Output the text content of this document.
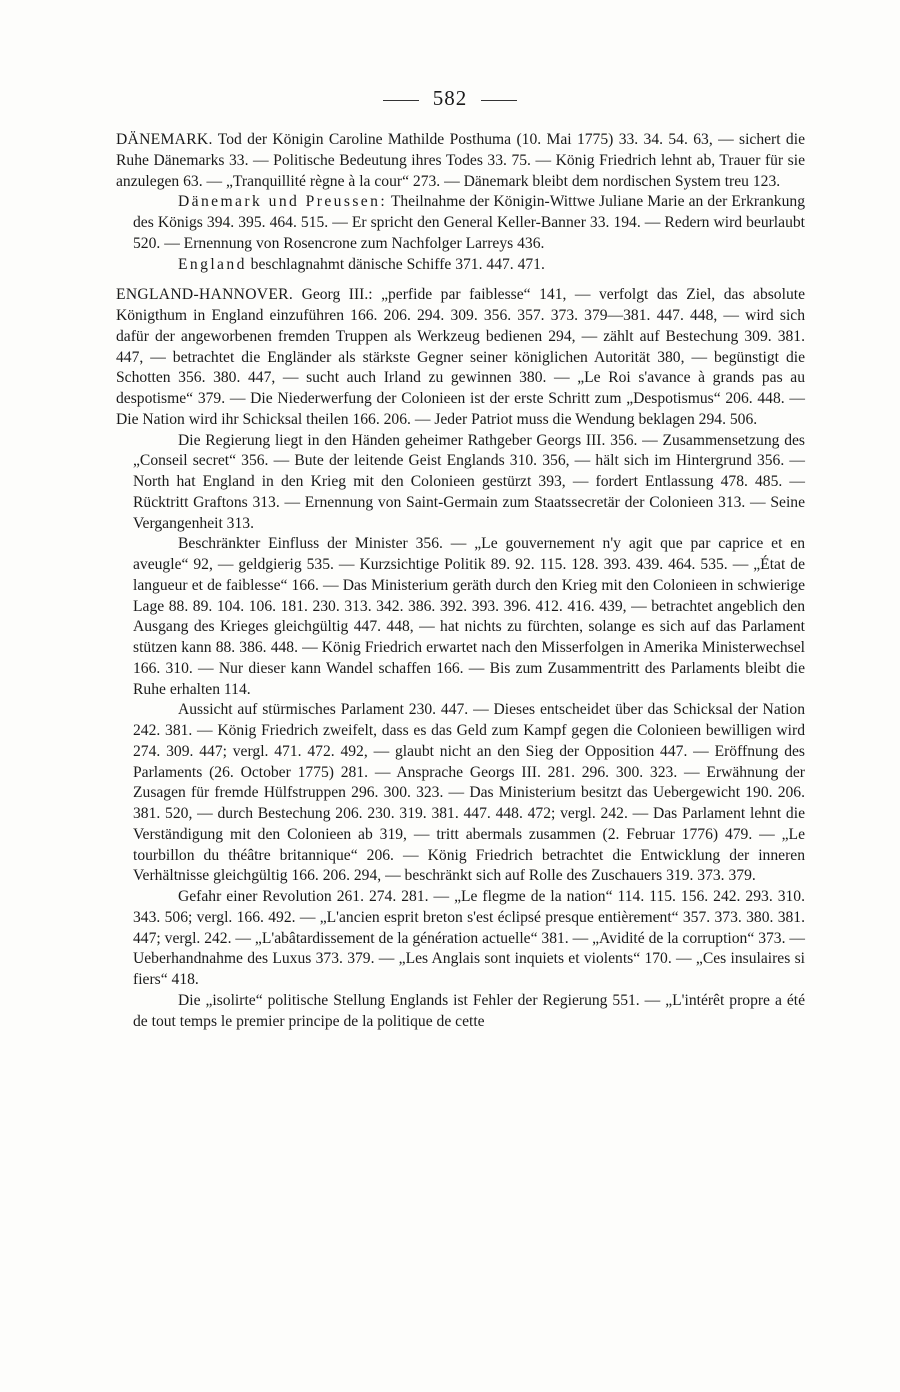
582

DÄNEMARK. Tod der Königin Caroline Mathilde Posthuma (10. Mai 1775) 33. 34. 54. 63, — sichert die Ruhe Dänemarks 33. — Politische Bedeutung ihres Todes 33. 75. — König Friedrich lehnt ab, Trauer für sie anzulegen 63. — „Tranquillité règne à la cour“ 273. — Dänemark bleibt dem nordischen System treu 123.

Dänemark und Preussen: Theilnahme der Königin-Wittwe Juliane Marie an der Erkrankung des Königs 394. 395. 464. 515. — Er spricht den General Keller-Banner 33. 194. — Redern wird beurlaubt 520. — Ernennung von Rosencrone zum Nachfolger Larreys 436.

England beschlagnahmt dänische Schiffe 371. 447. 471.

ENGLAND-HANNOVER. Georg III.: „perfide par faiblesse“ 141, — verfolgt das Ziel, das absolute Königthum in England einzuführen 166. 206. 294. 309. 356. 357. 373. 379—381. 447. 448, — wird sich dafür der angeworbenen fremden Truppen als Werkzeug bedienen 294, — zählt auf Bestechung 309. 381. 447, — betrachtet die Engländer als stärkste Gegner seiner königlichen Autorität 380, — begünstigt die Schotten 356. 380. 447, — sucht auch Irland zu gewinnen 380. — „Le Roi s'avance à grands pas au despotisme“ 379. — Die Niederwerfung der Colonieen ist der erste Schritt zum „Despotismus“ 206. 448. — Die Nation wird ihr Schicksal theilen 166. 206. — Jeder Patriot muss die Wendung beklagen 294. 506.

Die Regierung liegt in den Händen geheimer Rathgeber Georgs III. 356. — Zusammensetzung des „Conseil secret“ 356. — Bute der leitende Geist Englands 310. 356, — hält sich im Hintergrund 356. — North hat England in den Krieg mit den Colonieen gestürzt 393, — fordert Entlassung 478. 485. — Rücktritt Graftons 313. — Ernennung von Saint-Germain zum Staatssecretär der Colonieen 313. — Seine Vergangenheit 313.

Beschränkter Einfluss der Minister 356. — „Le gouvernement n'y agit que par caprice et en aveugle“ 92, — geldgierig 535. — Kurzsichtige Politik 89. 92. 115. 128. 393. 439. 464. 535. — „État de langueur et de faiblesse“ 166. — Das Ministerium geräth durch den Krieg mit den Colonieen in schwierige Lage 88. 89. 104. 106. 181. 230. 313. 342. 386. 392. 393. 396. 412. 416. 439, — betrachtet angeblich den Ausgang des Krieges gleichgültig 447. 448, — hat nichts zu fürchten, solange es sich auf das Parlament stützen kann 88. 386. 448. — König Friedrich erwartet nach den Misserfolgen in Amerika Ministerwechsel 166. 310. — Nur dieser kann Wandel schaffen 166. — Bis zum Zusammentritt des Parlaments bleibt die Ruhe erhalten 114.

Aussicht auf stürmisches Parlament 230. 447. — Dieses entscheidet über das Schicksal der Nation 242. 381. — König Friedrich zweifelt, dass es das Geld zum Kampf gegen die Colonieen bewilligen wird 274. 309. 447; vergl. 471. 472. 492, — glaubt nicht an den Sieg der Opposition 447. — Eröffnung des Parlaments (26. October 1775) 281. — Ansprache Georgs III. 281. 296. 300. 323. — Erwähnung der Zusagen für fremde Hülfstruppen 296. 300. 323. — Das Ministerium besitzt das Uebergewicht 190. 206. 381. 520, — durch Bestechung 206. 230. 319. 381. 447. 448. 472; vergl. 242. — Das Parlament lehnt die Verständigung mit den Colonieen ab 319, — tritt abermals zusammen (2. Februar 1776) 479. — „Le tourbillon du théâtre britannique“ 206. — König Friedrich betrachtet die Entwicklung der inneren Verhältnisse gleichgültig 166. 206. 294, — beschränkt sich auf Rolle des Zuschauers 319. 373. 379.

Gefahr einer Revolution 261. 274. 281. — „Le flegme de la nation“ 114. 115. 156. 242. 293. 310. 343. 506; vergl. 166. 492. — „L'ancien esprit breton s'est éclipsé presque entièrement“ 357. 373. 380. 381. 447; vergl. 242. — „L'abâtardissement de la génération actuelle“ 381. — „Avidité de la corruption“ 373. — Ueberhandnahme des Luxus 373. 379. — „Les Anglais sont inquiets et violents“ 170. — „Ces insulaires si fiers“ 418.

Die „isolirte“ politische Stellung Englands ist Fehler der Regierung 551. — „L'intérêt propre a été de tout temps le premier principe de la politique de cette
